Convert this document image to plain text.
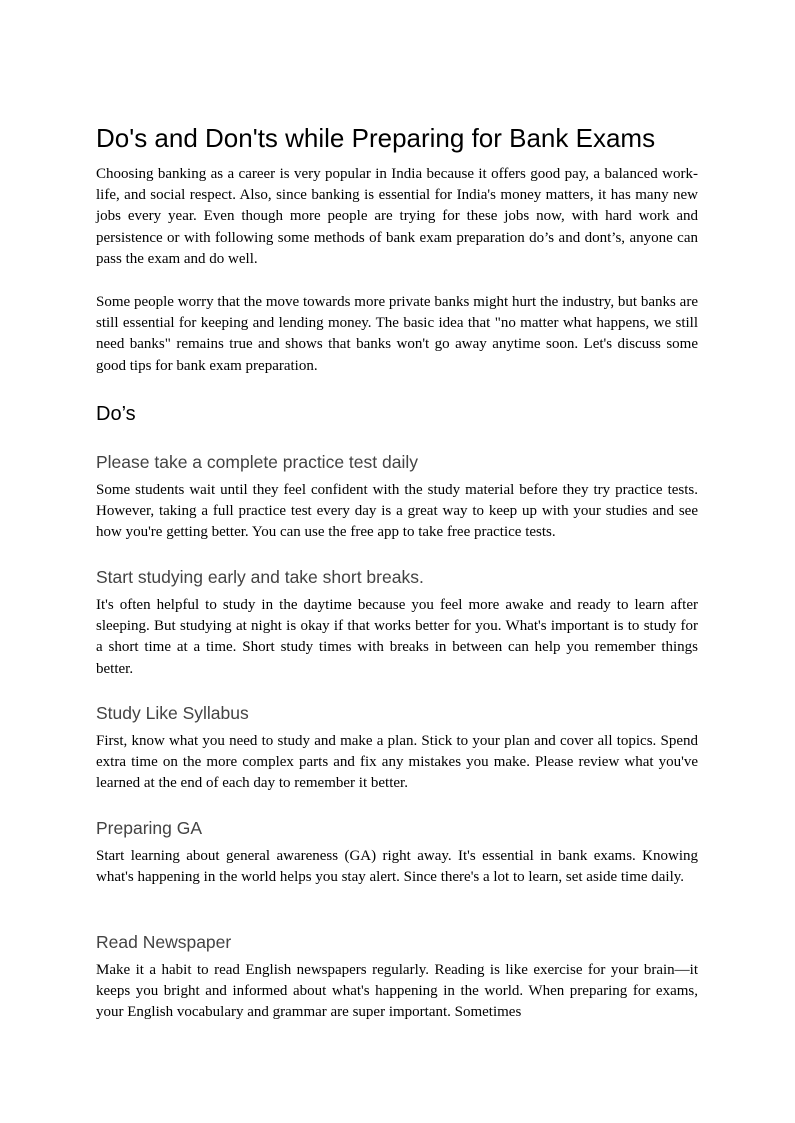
Do's and Don'ts while Preparing for Bank Exams

Choosing banking as a career is very popular in India because it offers good pay, a balanced work-life, and social respect. Also, since banking is essential for India's money matters, it has many new jobs every year. Even though more people are trying for these jobs now, with hard work and persistence or with following some methods of bank exam preparation do’s and dont’s, anyone can pass the exam and do well.

Some people worry that the move towards more private banks might hurt the industry, but banks are still essential for keeping and lending money. The basic idea that "no matter what happens, we still need banks" remains true and shows that banks won't go away anytime soon. Let's discuss some good tips for bank exam preparation.

Do’s
Please take a complete practice test daily

Some students wait until they feel confident with the study material before they try practice tests. However, taking a full practice test every day is a great way to keep up with your studies and see how you're getting better. You can use the free app to take free practice tests.

Start studying early and take short breaks.

It's often helpful to study in the daytime because you feel more awake and ready to learn after sleeping. But studying at night is okay if that works better for you. What's important is to study for a short time at a time. Short study times with breaks in between can help you remember things better.

Study Like Syllabus

First, know what you need to study and make a plan. Stick to your plan and cover all topics. Spend extra time on the more complex parts and fix any mistakes you make. Please review what you've learned at the end of each day to remember it better.

Preparing GA

Start learning about general awareness (GA) right away. It's essential in bank exams. Knowing what's happening in the world helps you stay alert. Since there's a lot to learn, set aside time daily.

Read Newspaper

Make it a habit to read English newspapers regularly. Reading is like exercise for your brain—it keeps you bright and informed about what's happening in the world. When preparing for exams, your English vocabulary and grammar are super important. Sometimes
